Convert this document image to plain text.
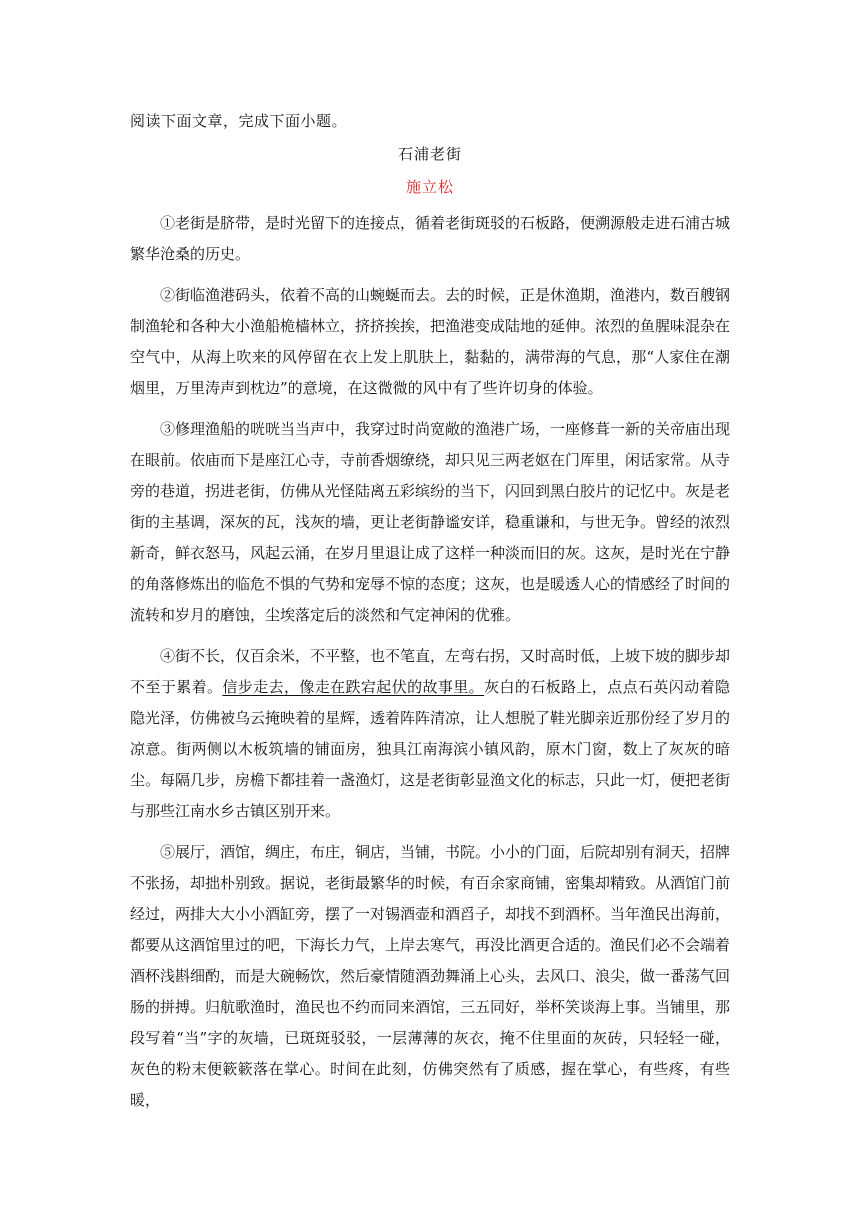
阅读下面文章，完成下面小题。
石浦老街
施立松

①老街是脐带，是时光留下的连接点，循着老街斑驳的石板路，便溯源般走进石浦古城繁华沧桑的历史。

②街临渔港码头，依着不高的山蜿蜒而去。去的时候，正是休渔期，渔港内，数百艘钢制渔轮和各种大小渔船桅樯林立，挤挤挨挨，把渔港变成陆地的延伸。浓烈的鱼腥味混杂在空气中，从海上吹来的风停留在衣上发上肌肤上，黏黏的，满带海的气息，那“人家住在潮烟里，万里涛声到枕边”的意境，在这微微的风中有了些许切身的体验。

③修理渔船的咣咣当当声中，我穿过时尚宽敞的渔港广场，一座修葺一新的关帝庙出现在眼前。依庙而下是座江心寺，寺前香烟缭绕，却只见三两老妪在门厍里，闲话家常。从寺旁的巷道，拐进老街，仿佛从光怪陆离五彩缤纷的当下，闪回到黑白胶片的记忆中。灰是老街的主基调，深灰的瓦，浅灰的墙，更让老街静谧安详，稳重谦和，与世无争。曾经的浓烈新奇，鲜衣怒马，风起云涌，在岁月里退让成了这样一种淡而旧的灰。这灰，是时光在宁静的角落修炼出的临危不惧的气势和宠辱不惊的态度；这灰，也是暖透人心的情感经了时间的流转和岁月的磨蚀，尘埃落定后的淡然和气定神闲的优雅。

④街不长，仅百余米，不平整，也不笔直，左弯右拐，又时高时低，上坡下坡的脚步却不至于累着。信步走去，像走在跌宕起伏的故事里。灰白的石板路上，点点石英闪动着隐隐光泽，仿佛被乌云掩映着的星辉，透着阵阵清凉，让人想脱了鞋光脚亲近那份经了岁月的凉意。街两侧以木板筑墙的铺面房，独具江南海滨小镇风韵，原木门窗，数上了灰灰的暗尘。每隔几步，房檐下都挂着一盏渔灯，这是老街彰显渔文化的标志，只此一灯，便把老街与那些江南水乡古镇区别开来。

⑤展厅，酒馆，绸庄，布庄，铜店，当铺，书院。小小的门面，后院却别有洞天，招牌不张扬，却拙朴别致。据说，老街最繁华的时候，有百余家商铺，密集却精致。从酒馆门前经过，两排大大小小酒缸旁，摆了一对锡酒壶和酒舀子，却找不到酒杯。当年渔民出海前，都要从这酒馆里过的吧，下海长力气，上岸去寒气，再没比酒更合适的。渔民们必不会端着酒杯浅斟细酌，而是大碗畅饮，然后豪情随酒劲舞涌上心头，去风口、浪尖，做一番荡气回肠的拼搏。归航歌渔时，渔民也不约而同来酒馆，三五同好，举杯笑谈海上事。当铺里，那段写着“当”字的灰墙，已斑斑驳驳，一层薄薄的灰衣，掩不住里面的灰砖，只轻轻一碰，灰色的粉末便簌簌落在掌心。时间在此刻，仿佛突然有了质感，握在掌心，有些疼，有些暖，
